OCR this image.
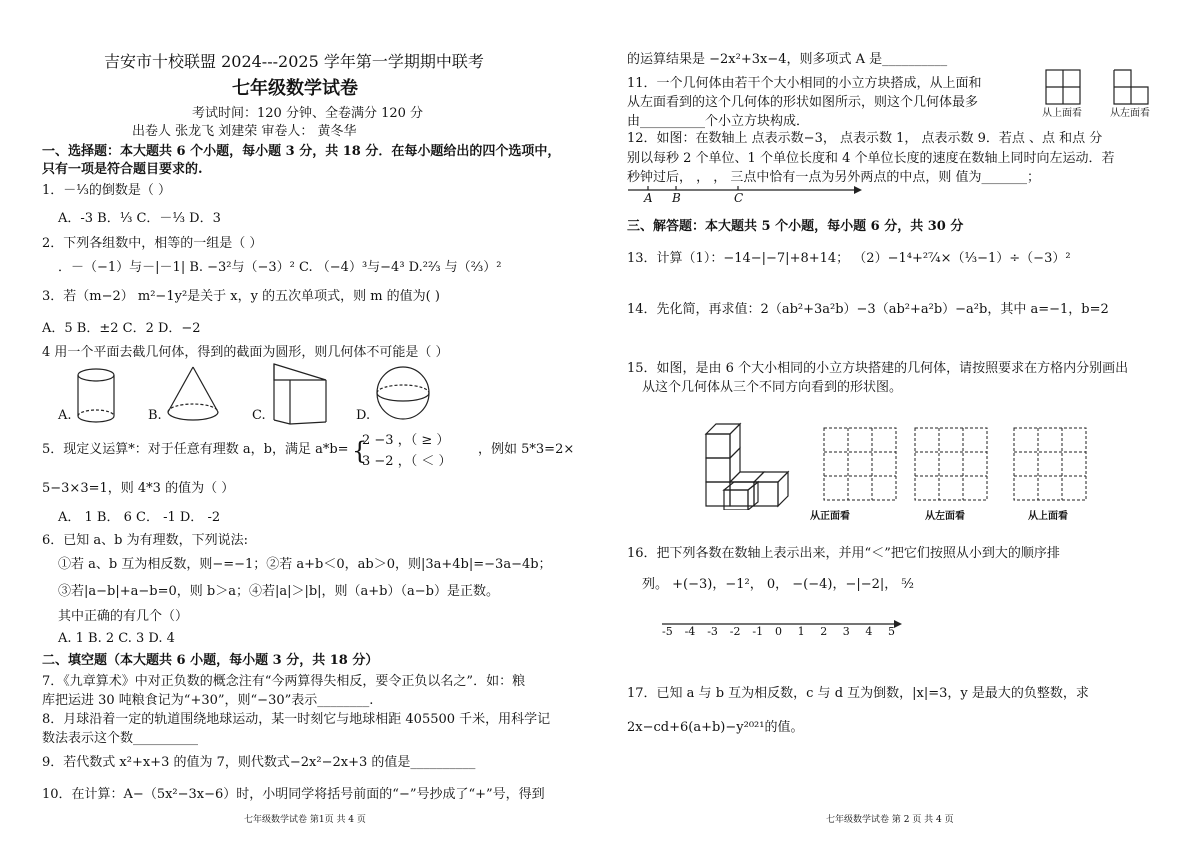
吉安市十校联盟 2024---2025 学年第一学期期中联考
七年级数学试卷
考试时间：120 分钟、全卷满分 120 分
出卷人 张龙飞 刘建荣 审卷人： 黄冬华
一、选择题：本大题共 6 个小题，每小题 3 分，共 18 分．在每小题给出的四个选项中，
只有一项是符合题目要求的.
1．－⅓的倒数是（ ）
A．-3 B．⅓ C．－⅓ D．3
2．下列各组数中，相等的一组是（ ）
．－（−1）与－|－1| B. −3²与（−3）² C. （−4）³与−4³ D.²²⁄₃ 与（⅔）²
3．若（m−2） m²−1y²是关于 x，y 的五次单项式，则 m 的值为( )
A．5 B．±2 C．2 D．−2
4 用一个平面去截几何体，得到的截面为圆形，则几何体不可能是（ ）
A.	B.	C.	D.
5．现定义运算*：对于任意有理数 a，b，满足 a*b= {
2 −3 ，（ ≥ ）
3 −2 ，（ ＜ ）
，例如 5*3=2×
5−3×3=1，则 4*3 的值为（ ）
A． 1 B． 6 C． -1 D． -2
6．已知 a、b 为有理数，下列说法:
①若 a、b 互为相反数，则−=−1；②若 a+b＜0，ab＞0，则|3a+4b|=−3a−4b；
③若|a−b|+a−b=0，则 b＞a；④若|a|＞|b|，则（a+b）（a−b）是正数。
其中正确的有几个（）
A. 1 B. 2 C. 3 D. 4
二、填空题（本大题共 6 小题，每小题 3 分，共 18 分）
7．《九章算术》中对正负数的概念注有“今两算得失相反，要令正负以名之”．如：粮
库把运进 30 吨粮食记为“+30”，则“−30”表示________.
8．月球沿着一定的轨道围绕地球运动，某一时刻它与地球相距 405500 千米，用科学记
数法表示这个数__________
9．若代数式 x²+x+3 的值为 7，则代数式−2x²−2x+3 的值是__________
10．在计算：A−（5x²−3x−6）时，小明同学将括号前面的“−”号抄成了“+”号，得到
七年级数学试卷 第1页 共 4 页
的运算结果是 −2x²+3x−4，则多项式 A 是__________
11．一个几何体由若干个大小相同的小立方块搭成，从上面和
从左面看到的这个几何体的形状如图所示，则这个几何体最多
由__________个小立方块构成．
从上面看	从左面看
12．如图：在数轴上 点表示数−3， 点表示数 1， 点表示数 9．若点 、点 和点 分
别以每秒 2 个单位、1 个单位长度和 4 个单位长度的速度在数轴上同时向左运动．若
秒钟过后， ， ， 三点中恰有一点为另外两点的中点，则 值为_______；
A B	C
三、解答题：本大题共 5 个小题，每小题 6 分，共 30 分
13．计算（1）：−14−|−7|+8+14； （2）−1⁴+²⁷⁄₄×（⅓−1）÷（−3）²
14．先化简，再求值：2（ab²+3a²b）−3（ab²+a²b）−a²b，其中 a=−1，b=2
15．如图，是由 6 个大小相同的小立方块搭建的几何体，请按照要求在方格内分别画出
从这个几何体从三个不同方向看到的形状图。
从正面看	从左面看	从上面看
16．把下列各数在数轴上表示出来，并用“＜”把它们按照从小到大的顺序排
列。 +(−3)，−1²， 0， −(−4)，−|−2|， ⁵⁄₂
-5 -4 -3 -2 -1 0 1 2 3 4 5
17．已知 a 与 b 互为相反数，c 与 d 互为倒数，|x|=3，y 是最大的负整数，求
2x−cd+6(a+b)−y²⁰²¹的值。
七年级数学试卷 第 2 页 共 4 页
